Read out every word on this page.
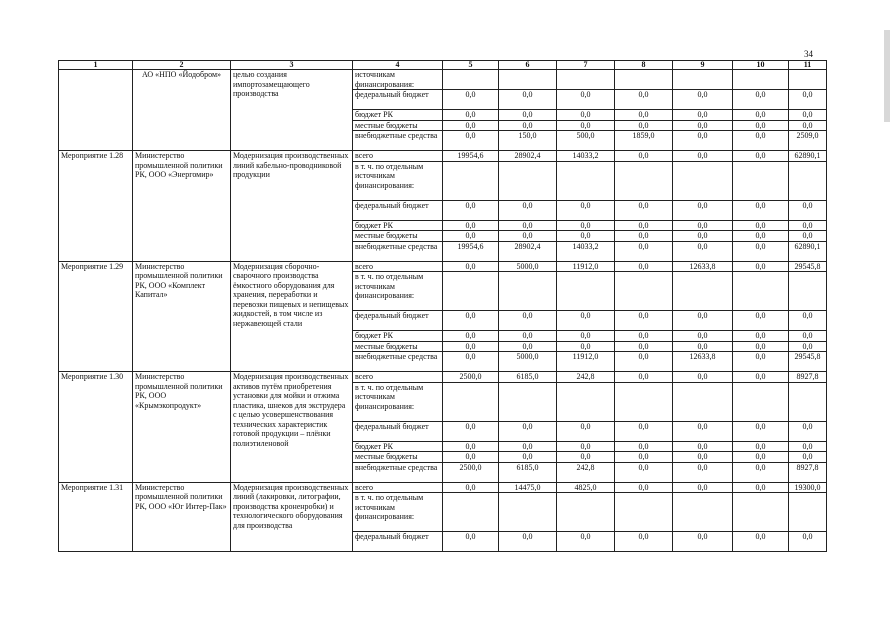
34
1	2	3	4	5	6	7	8	9	10	11
	АО «НПО «Йодобром»	целью создания импортозамещающего производства	источникам финансирования:							
			федеральный бюджет	0,0	0,0	0,0	0,0	0,0	0,0	0,0
			бюджет РК	0,0	0,0	0,0	0,0	0,0	0,0	0,0
			местные бюджеты	0,0	0,0	0,0	0,0	0,0	0,0	0,0
			внебюджетные средства	0,0	150,0	500,0	1859,0	0,0	0,0	2509,0
Мероприятие 1.28	Министерство промышленной политики РК, ООО «Энергомир»	Модернизация производственных линий кабельно-проводниковой продукции	всего	19954,6	28902,4	14033,2	0,0	0,0	0,0	62890,1
			в т. ч. по отдельным источникам финансирования:							
			федеральный бюджет	0,0	0,0	0,0	0,0	0,0	0,0	0,0
			бюджет РК	0,0	0,0	0,0	0,0	0,0	0,0	0,0
			местные бюджеты	0,0	0,0	0,0	0,0	0,0	0,0	0,0
			внебюджетные средства	19954,6	28902,4	14033,2	0,0	0,0	0,0	62890,1
Мероприятие 1.29	Министерство промышленной политики РК, ООО «Комплект Капитал»	Модернизация сборочно- сварочного производства ёмкостного оборудования для хранения, переработки и перевозки пищевых и непищевых жидкостей, в том числе из нержавеющей стали	всего	0,0	5000,0	11912,0	0,0	12633,8	0,0	29545,8
			в т. ч. по отдельным источникам финансирования:							
			федеральный бюджет	0,0	0,0	0,0	0,0	0,0	0,0	0,0
			бюджет РК	0,0	0,0	0,0	0,0	0,0	0,0	0,0
			местные бюджеты	0,0	0,0	0,0	0,0	0,0	0,0	0,0
			внебюджетные средства	0,0	5000,0	11912,0	0,0	12633,8	0,0	29545,8
Мероприятие 1.30	Министерство промышленной политики РК, ООО «Крымэкопродукт»	Модернизация производственных активов путём приобретения установки для мойки и отжима пластика, шнеков для экструдера с целью усовершенствования технических характеристик готовой продукции – плёнки полиэтиленовой	всего	2500,0	6185,0	242,8	0,0	0,0	0,0	8927,8
			в т. ч. по отдельным источникам финансирования:							
			федеральный бюджет	0,0	0,0	0,0	0,0	0,0	0,0	0,0
			бюджет РК	0,0	0,0	0,0	0,0	0,0	0,0	0,0
			местные бюджеты	0,0	0,0	0,0	0,0	0,0	0,0	0,0
			внебюджетные средства	2500,0	6185,0	242,8	0,0	0,0	0,0	8927,8
Мероприятие 1.31	Министерство промышленной политики РК, ООО «Юг Интер-Пак»	Модернизация производственных линий (лакировки, литографии, производства кроненробки) и технологического оборудования для производства	всего	0,0	14475,0	4825,0	0,0	0,0	0,0	19300,0
			в т. ч. по отдельным источникам финансирования:							
			федеральный бюджет	0,0	0,0	0,0	0,0	0,0	0,0	0,0
